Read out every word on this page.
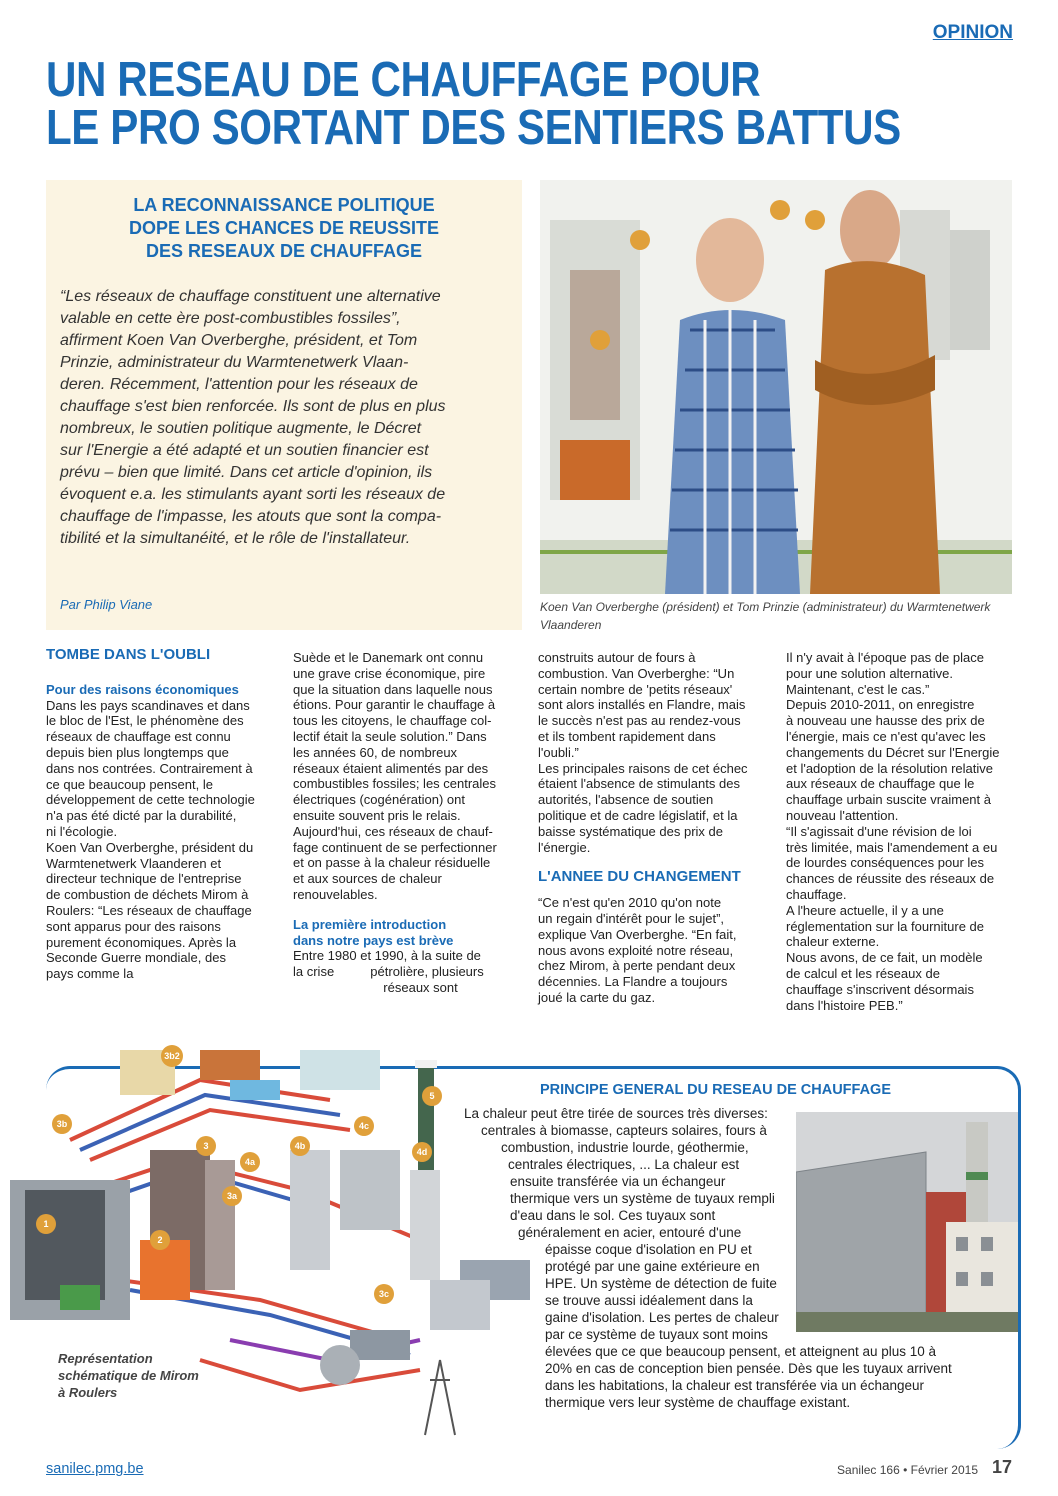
OPINION
UN RESEAU DE CHAUFFAGE POUR
LE PRO SORTANT DES SENTIERS BATTUS
LA RECONNAISSANCE POLITIQUE
DOPE LES CHANCES DE REUSSITE
DES RESEAUX DE CHAUFFAGE
“Les réseaux de chauffage constituent une alternative
valable en cette ère post-combustibles fossiles”,
affirment Koen Van Overberghe, président, et Tom
Prinzie, administrateur du Warmtenetwerk Vlaan-
deren. Récemment, l'attention pour les réseaux de
chauffage s'est bien renforcée. Ils sont de plus en plus
nombreux, le soutien politique augmente, le Décret
sur l'Energie a été adapté et un soutien financier est
prévu – bien que limité. Dans cet article d'opinion, ils
évoquent e.a. les stimulants ayant sorti les réseaux de
chauffage de l'impasse, les atouts que sont la compa-
tibilité et la simultanéité, et le rôle de l'installateur.
Par Philip Viane	Koen Van Overberghe (président) et Tom Prinzie (administrateur) du Warmtenetwerk
Vlaanderen
TOMBE DANS L'OUBLI
Pour des raisons économiques
Dans les pays scandinaves et dans
le bloc de l'Est, le phénomène des
réseaux de chauffage est connu
depuis bien plus longtemps que
dans nos contrées. Contrairement à
ce que beaucoup pensent, le
développement de cette technologie
n'a pas été dicté par la durabilité,
ni l'écologie.
Koen Van Overberghe, président du
Warmtenetwerk Vlaanderen et
directeur technique de l'entreprise
de combustion de déchets Mirom à
Roulers: “Les réseaux de chauffage
sont apparus pour des raisons
purement économiques. Après la
Seconde Guerre mondiale, des
pays comme la
Suède et le Danemark ont connu
une grave crise économique, pire
que la situation dans laquelle nous
étions. Pour garantir le chauffage à
tous les citoyens, le chauffage col-
lectif était la seule solution.” Dans
les années 60, de nombreux
réseaux étaient alimentés par des
combustibles fossiles; les centrales
électriques (cogénération) ont
ensuite souvent pris le relais.
Aujourd'hui, ces réseaux de chauf-
fage continuent de se perfectionner
et on passe à la chaleur résiduelle
et aux sources de chaleur
renouvelables.
La première introduction
dans notre pays est brève
Entre 1980 et 1990, à la suite de
la crise          pétrolière, plusieurs
réseaux sont
construits autour de fours à
combustion. Van Overberghe: “Un
certain nombre de 'petits réseaux'
sont alors installés en Flandre, mais
le succès n'est pas au rendez-vous
et ils tombent rapidement dans
l'oubli.”
Les principales raisons de cet échec
étaient l'absence de stimulants des
autorités, l'absence de soutien
politique et de cadre législatif, et la
baisse systématique des prix de
l'énergie.
L'ANNEE DU CHANGEMENT
“Ce n'est qu'en 2010 qu'on note
un regain d'intérêt pour le sujet”,
explique Van Overberghe. “En fait,
nous avons exploité notre réseau,
chez Mirom, à perte pendant deux
décennies. La Flandre a toujours
joué la carte du gaz.
Il n'y avait à l'époque pas de place
pour une solution alternative.
Maintenant, c'est le cas.”
Depuis 2010-2011, on enregistre
à nouveau une hausse des prix de
l'énergie, mais ce n'est qu'avec les
changements du Décret sur l'Energie
et l'adoption de la résolution relative
aux réseaux de chauffage que le
chauffage urbain suscite vraiment à
nouveau l'attention.
“Il s'agissait d'une révision de loi
très limitée, mais l'amendement a eu
de lourdes conséquences pour les
chances de réussite des réseaux de
chauffage.
A l'heure actuelle, il y a une
réglementation sur la fourniture de
chaleur externe.
Nous avons, de ce fait, un modèle
de calcul et les réseaux de
chauffage s'inscrivent désormais
dans l'histoire PEB.”
PRINCIPE GENERAL DU RESEAU DE CHAUFFAGE
3b2
3b
1
2
3
3a
4a
4b
4c
4d
5
3c
Représentation
schématique de Mirom
à Roulers
La chaleur peut être tirée de sources très diverses:
centrales à biomasse, capteurs solaires, fours à
combustion, industrie lourde, géothermie,
centrales électriques, ... La chaleur est
ensuite transférée via un échangeur
thermique vers un système de tuyaux rempli
d'eau dans le sol. Ces tuyaux sont
généralement en acier, entouré d'une
épaisse coque d'isolation en PU et
protégé par une gaine extérieure en
HPE. Un système de détection de fuite
se trouve aussi idéalement dans la
gaine d'isolation. Les pertes de chaleur
par ce système de tuyaux sont moins
élevées que ce que beaucoup pensent, et atteignent au plus 10 à
20% en cas de conception bien pensée. Dès que les tuyaux arrivent
dans les habitations, la chaleur est transférée via un échangeur
thermique vers leur système de chauffage existant.
sanilec.pmg.be	Sanilec 166 • Février 2015 17
